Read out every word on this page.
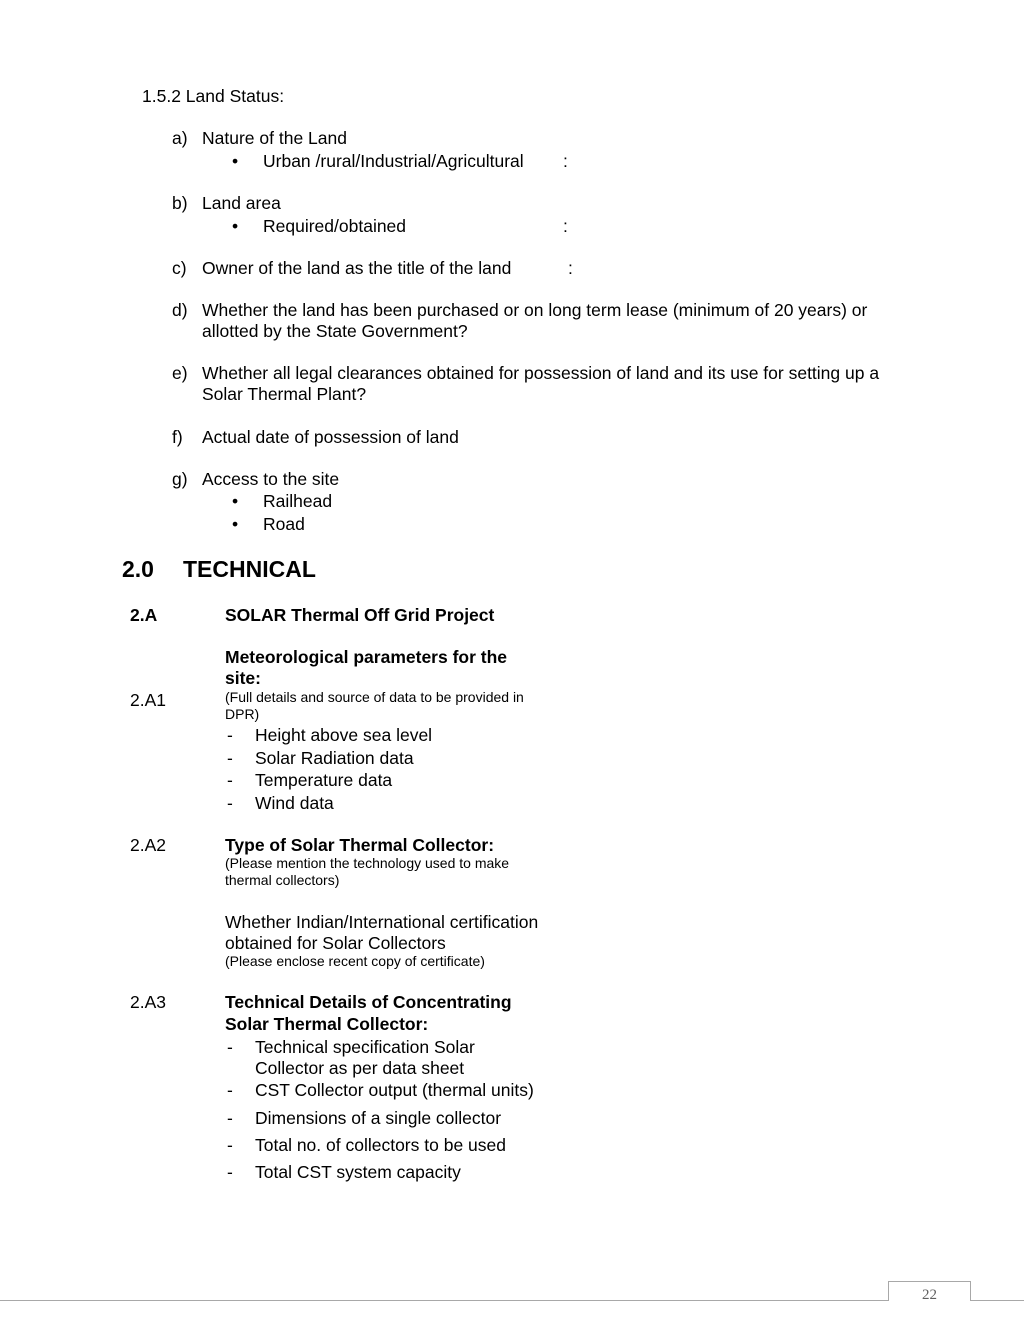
1.5.2 Land Status:
a) Nature of the Land
• Urban /rural/Industrial/Agricultural :
b) Land area
• Required/obtained	:
c) Owner of the land as the title of the land	:
d) Whether the land has been purchased or on long term lease (minimum of 20 years) or
allotted by the State Government?
e) Whether all legal clearances obtained for possession of land and its use for setting up a
Solar Thermal Plant?
f) Actual date of possession of land
g) Access to the site
• Railhead
• Road
2.0 TECHNICAL
2.A	SOLAR Thermal Off Grid Project
Meteorological parameters for the
site:
2.A1	(Full details and source of data to be provided in
DPR)
- Height above sea level
- Solar Radiation data
- Temperature data
- Wind data
2.A2	Type of Solar Thermal Collector:
(Please mention the technology used to make
thermal collectors)
Whether Indian/International certification
obtained for Solar Collectors
(Please enclose recent copy of certificate)
2.A3	Technical Details of Concentrating
Solar Thermal Collector:
- Technical specification Solar
Collector as per data sheet
- CST Collector output (thermal units)
- Dimensions of a single collector
- Total no. of collectors to be used
- Total CST system capacity
22
